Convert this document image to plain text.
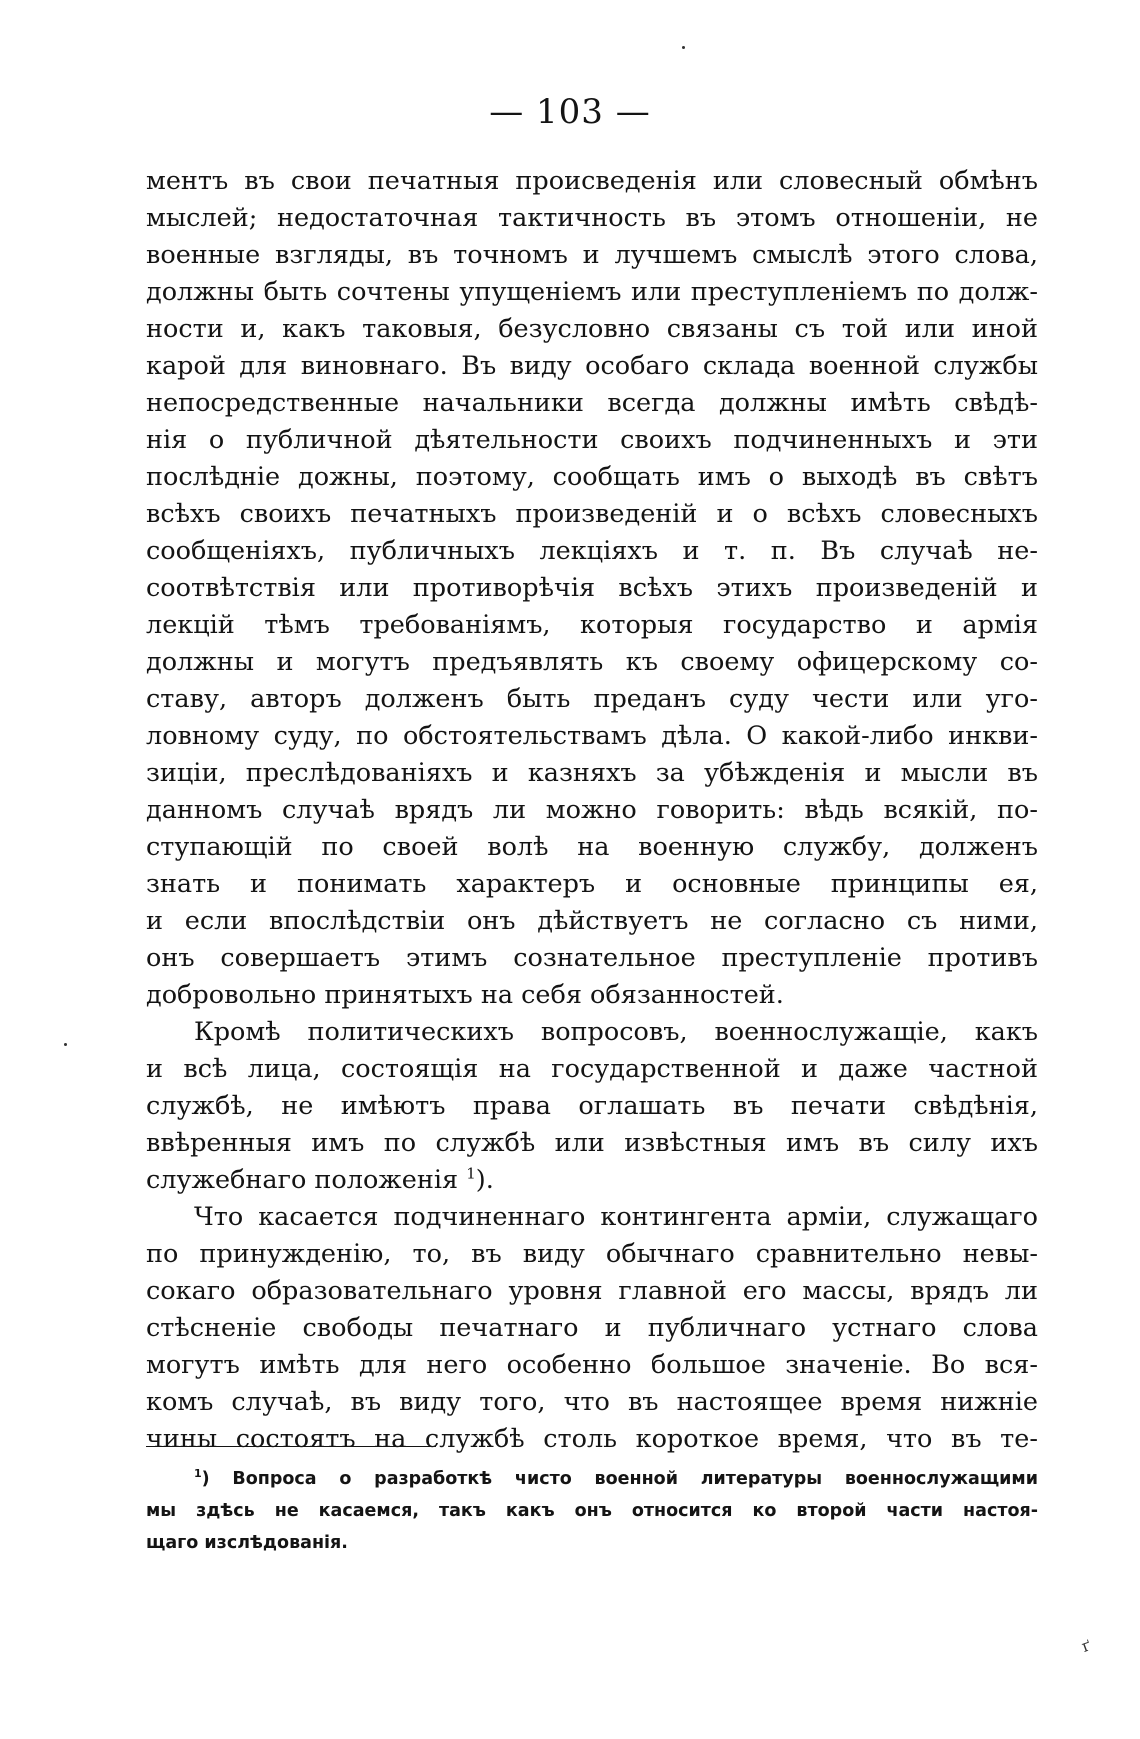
— 103 —
ментъ въ свои печатныя происведенія или словесный обмѣнъ
мыслей; недостаточная тактичность въ этомъ отношеніи, не
военные взгляды, въ точномъ и лучшемъ смыслѣ этого слова,
должны быть сочтены упущеніемъ или преступленіемъ по долж-
ности и, какъ таковыя, безусловно связаны съ той или иной
карой для виновнаго. Въ виду особаго склада военной службы
непосредственные начальники всегда должны имѣть свѣдѣ-
нія о публичной дѣятельности своихъ подчиненныхъ и эти
послѣдніе дожны, поэтому, сообщать имъ о выходѣ въ свѣтъ
всѣхъ своихъ печатныхъ произведеній и о всѣхъ словесныхъ
сообщеніяхъ, публичныхъ лекціяхъ и т. п. Въ случаѣ не-
соотвѣтствія или противорѣчія всѣхъ этихъ произведеній и
лекцій тѣмъ требованіямъ, которыя государство и армія
должны и могутъ предъявлять къ своему офицерскому со-
ставу, авторъ долженъ быть преданъ суду чести или уго-
ловному суду, по обстоятельствамъ дѣла. О какой-либо инкви-
зиціи, преслѣдованіяхъ и казняхъ за убѣжденія и мысли въ
данномъ случаѣ врядъ ли можно говорить: вѣдь всякій, по-
ступающій по своей волѣ на военную службу, долженъ
знать и понимать характеръ и основные принципы ея,
и если впослѣдствіи онъ дѣйствуетъ не согласно съ ними,
онъ совершаетъ этимъ сознательное преступленіе противъ
добровольно принятыхъ на себя обязанностей.
Кромѣ политическихъ вопросовъ, военнослужащіе, какъ
и всѣ лица, состоящія на государственной и даже частной
службѣ, не имѣютъ права оглашать въ печати свѣдѣнія,
ввѣренныя имъ по службѣ или извѣстныя имъ въ силу ихъ
служебнаго положенія $^1$).
Что касается подчиненнаго контингента арміи, служащаго
по принужденію, то, въ виду обычнаго сравнительно невы-
сокаго образовательнаго уровня главной его массы, врядъ ли
стѣсненіе свободы печатнаго и публичнаго устнаго слова
могутъ имѣть для него особенно большое значеніе. Во вся-
комъ случаѣ, въ виду того, что въ настоящее время нижніе
чины состоятъ на службѣ столь короткое время, что въ те-
$^1$) Вопроса о разработкѣ чисто военной литературы военнослужащими
мы здѣсь не касаемся, такъ какъ онъ относится ко второй части настоя-
щаго изслѣдованія.
ґ
